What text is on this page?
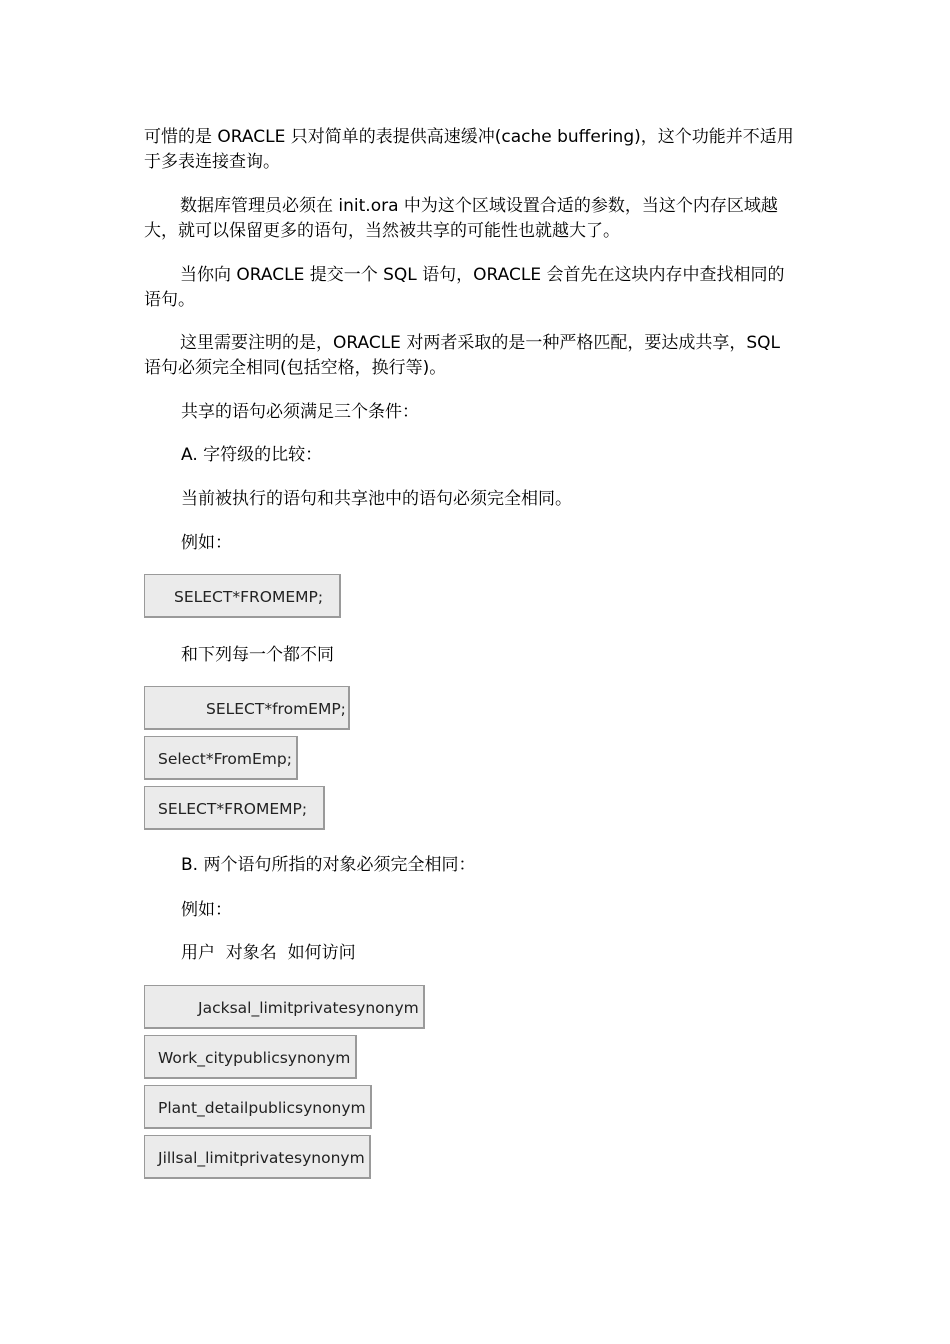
可惜的是 ORACLE 只对简单的表提供高速缓冲(cache buffering)，这个功能并不适用于多表连接查询。
数据库管理员必须在 init.ora 中为这个区域设置合适的参数，当这个内存区域越大，就可以保留更多的语句，当然被共享的可能性也就越大了。
当你向 ORACLE 提交一个 SQL 语句，ORACLE 会首先在这块内存中查找相同的语句。
这里需要注明的是，ORACLE 对两者采取的是一种严格匹配，要达成共享，SQL 语句必须完全相同(包括空格，换行等)。
共享的语句必须满足三个条件：
A. 字符级的比较：
当前被执行的语句和共享池中的语句必须完全相同。
例如：
SELECT*FROMEMP;
和下列每一个都不同
SELECT*fromEMP;
Select*FromEmp;
SELECT*FROMEMP;
B. 两个语句所指的对象必须完全相同：
例如：
用户  对象名  如何访问
Jacksal_limitprivatesynonym
Work_citypublicsynonym
Plant_detailpublicsynonym
Jillsal_limitprivatesynonym
